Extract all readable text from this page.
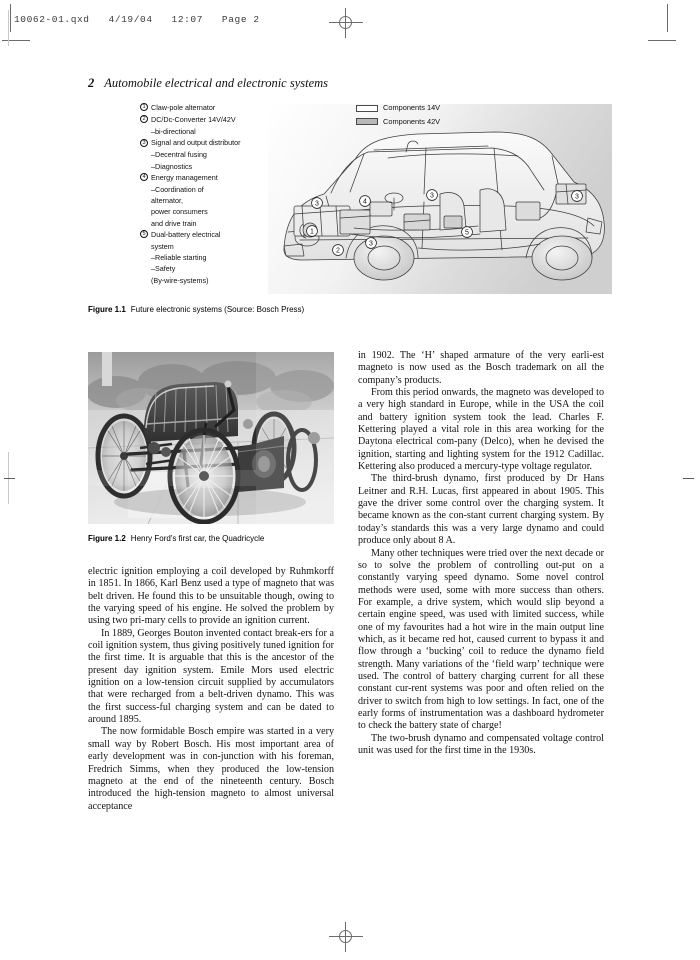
10062-01.qxd   4/19/04   12:07   Page 2
2 Automobile electrical and electronic systems
3	4
1
2
3
3
5
3
1 Claw-pole alternator
2 DC/Dc-Converter 14V/42V
–bi-directional
3 Signal and output distributor
–Decentral fusing
–Diagnostics
4 Energy management
–Coordination of
alternator,
power consumers
and drive train
5 Dual-battery electrical
system
–Reliable starting
–Safety
(By-wire-systems)
Components 14V
Components 42V
Figure 1.1 Future electronic systems (Source: Bosch Press)
Figure 1.2 Henry Ford's first car, the Quadricycle

electric ignition employing a coil developed by Ruhmkorff in 1851. In 1866, Karl Benz used a type of magneto that was belt driven. He found this to be unsuitable though, owing to the varying speed of his engine. He solved the problem by using two pri-mary cells to provide an ignition current.

In 1889, Georges Bouton invented contact break-ers for a coil ignition system, thus giving positively tuned ignition for the first time. It is arguable that this is the ancestor of the present day ignition system. Emile Mors used electric ignition on a low-tension circuit supplied by accumulators that were recharged from a belt-driven dynamo. This was the first success-ful charging system and can be dated to around 1895.

The now formidable Bosch empire was started in a very small way by Robert Bosch. His most important area of early development was in con-junction with his foreman, Fredrich Simms, when they produced the low-tension magneto at the end of the nineteenth century. Bosch introduced the high-tension magneto to almost universal acceptance

in 1902. The ‘H’ shaped armature of the very earli-est magneto is now used as the Bosch trademark on all the company’s products.

From this period onwards, the magneto was developed to a very high standard in Europe, while in the USA the coil and battery ignition system took the lead. Charles F. Kettering played a vital role in this area working for the Daytona electrical com-pany (Delco), when he devised the ignition, starting and lighting system for the 1912 Cadillac. Kettering also produced a mercury-type voltage regulator.

The third-brush dynamo, first produced by Dr Hans Leitner and R.H. Lucas, first appeared in about 1905. This gave the driver some control over the charging system. It became known as the con-stant current charging system. By today’s standards this was a very large dynamo and could produce only about 8 A.

Many other techniques were tried over the next decade or so to solve the problem of controlling out-put on a constantly varying speed dynamo. Some novel control methods were used, some with more success than others. For example, a drive system, which would slip beyond a certain engine speed, was used with limited success, while one of my favourites had a hot wire in the main output line which, as it became red hot, caused current to bypass it and flow through a ‘bucking’ coil to reduce the dynamo field strength. Many variations of the ‘field warp’ technique were used. The control of battery charging current for all these constant cur-rent systems was poor and often relied on the driver to switch from high to low settings. In fact, one of the early forms of instrumentation was a dashboard hydrometer to check the battery state of charge!

The two-brush dynamo and compensated voltage control unit was used for the first time in the 1930s.
